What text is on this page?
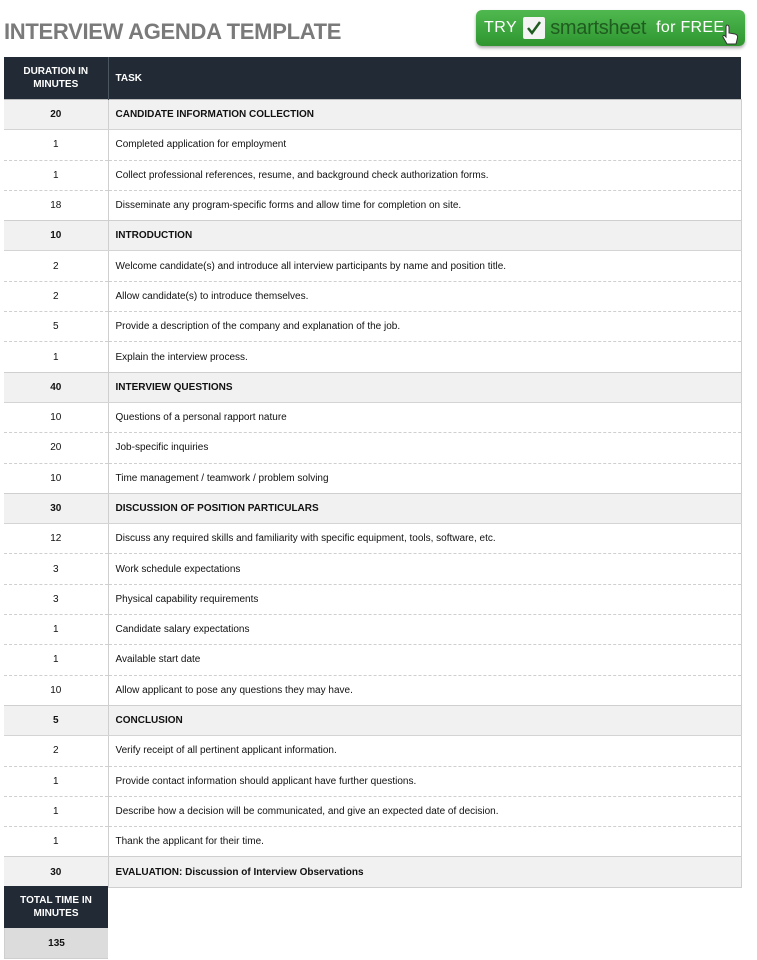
INTERVIEW AGENDA TEMPLATE	TRY smartsheet for FREE
DURATION IN MINUTES	TASK
20	CANDIDATE INFORMATION COLLECTION
1	Completed application for employment
1	Collect professional references, resume, and background check authorization forms.
18	Disseminate any program-specific forms and allow time for completion on site.
10	INTRODUCTION
2	Welcome candidate(s) and introduce all interview participants by name and position title.
2	Allow candidate(s) to introduce themselves.
5	Provide a description of the company and explanation of the job.
1	Explain the interview process.
40	INTERVIEW QUESTIONS
10	Questions of a personal rapport nature
20	Job-specific inquiries
10	Time management / teamwork / problem solving
30	DISCUSSION OF POSITION PARTICULARS
12	Discuss any required skills and familiarity with specific equipment, tools, software, etc.
3	Work schedule expectations
3	Physical capability requirements
1	Candidate salary expectations
1	Available start date
10	Allow applicant to pose any questions they may have.
5	CONCLUSION
2	Verify receipt of all pertinent applicant information.
1	Provide contact information should applicant have further questions.
1	Describe how a decision will be communicated, and give an expected date of decision.
1	Thank the applicant for their time.
30	EVALUATION: Discussion of Interview Observations
TOTAL TIME IN MINUTES
135
